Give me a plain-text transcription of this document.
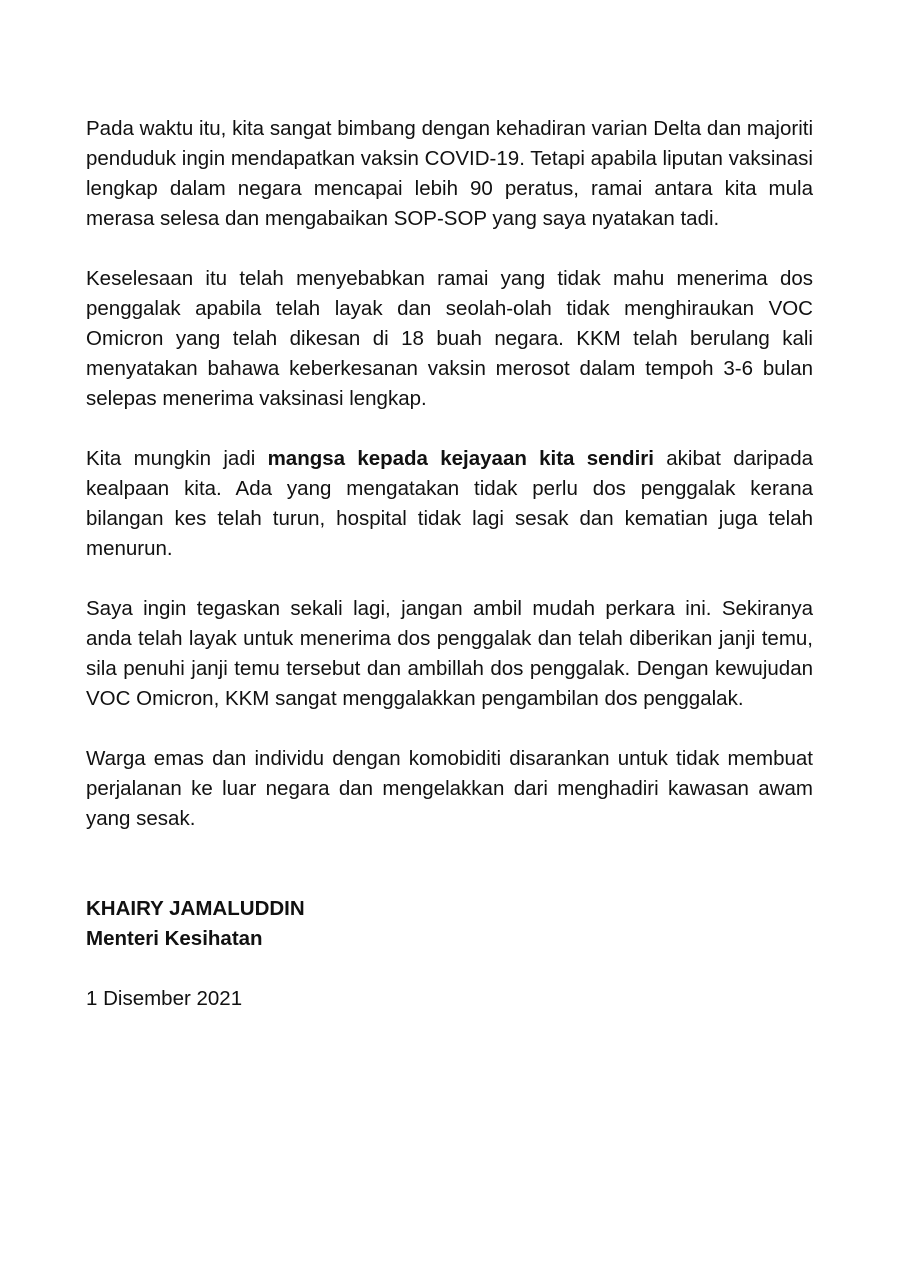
Pada waktu itu, kita sangat bimbang dengan kehadiran varian Delta dan majoriti penduduk ingin mendapatkan vaksin COVID-19. Tetapi apabila liputan vaksinasi lengkap dalam negara mencapai lebih 90 peratus, ramai antara kita mula merasa selesa dan mengabaikan SOP-SOP yang saya nyatakan tadi.

Keselesaan itu telah menyebabkan ramai yang tidak mahu menerima dos penggalak apabila telah layak dan seolah-olah tidak menghiraukan VOC Omicron yang telah dikesan di 18 buah negara. KKM telah berulang kali menyatakan bahawa keberkesanan vaksin merosot dalam tempoh 3-6 bulan selepas menerima vaksinasi lengkap.

Kita mungkin jadi mangsa kepada kejayaan kita sendiri akibat daripada kealpaan kita. Ada yang mengatakan tidak perlu dos penggalak kerana bilangan kes telah turun, hospital tidak lagi sesak dan kematian juga telah menurun.

Saya ingin tegaskan sekali lagi, jangan ambil mudah perkara ini. Sekiranya anda telah layak untuk menerima dos penggalak dan telah diberikan janji temu, sila penuhi janji temu tersebut dan ambillah dos penggalak. Dengan kewujudan VOC Omicron, KKM sangat menggalakkan pengambilan dos penggalak.

Warga emas dan individu dengan komobiditi disarankan untuk tidak membuat perjalanan ke luar negara dan mengelakkan dari menghadiri kawasan awam yang sesak.

KHAIRY JAMALUDDIN
Menteri Kesihatan
1 Disember 2021
